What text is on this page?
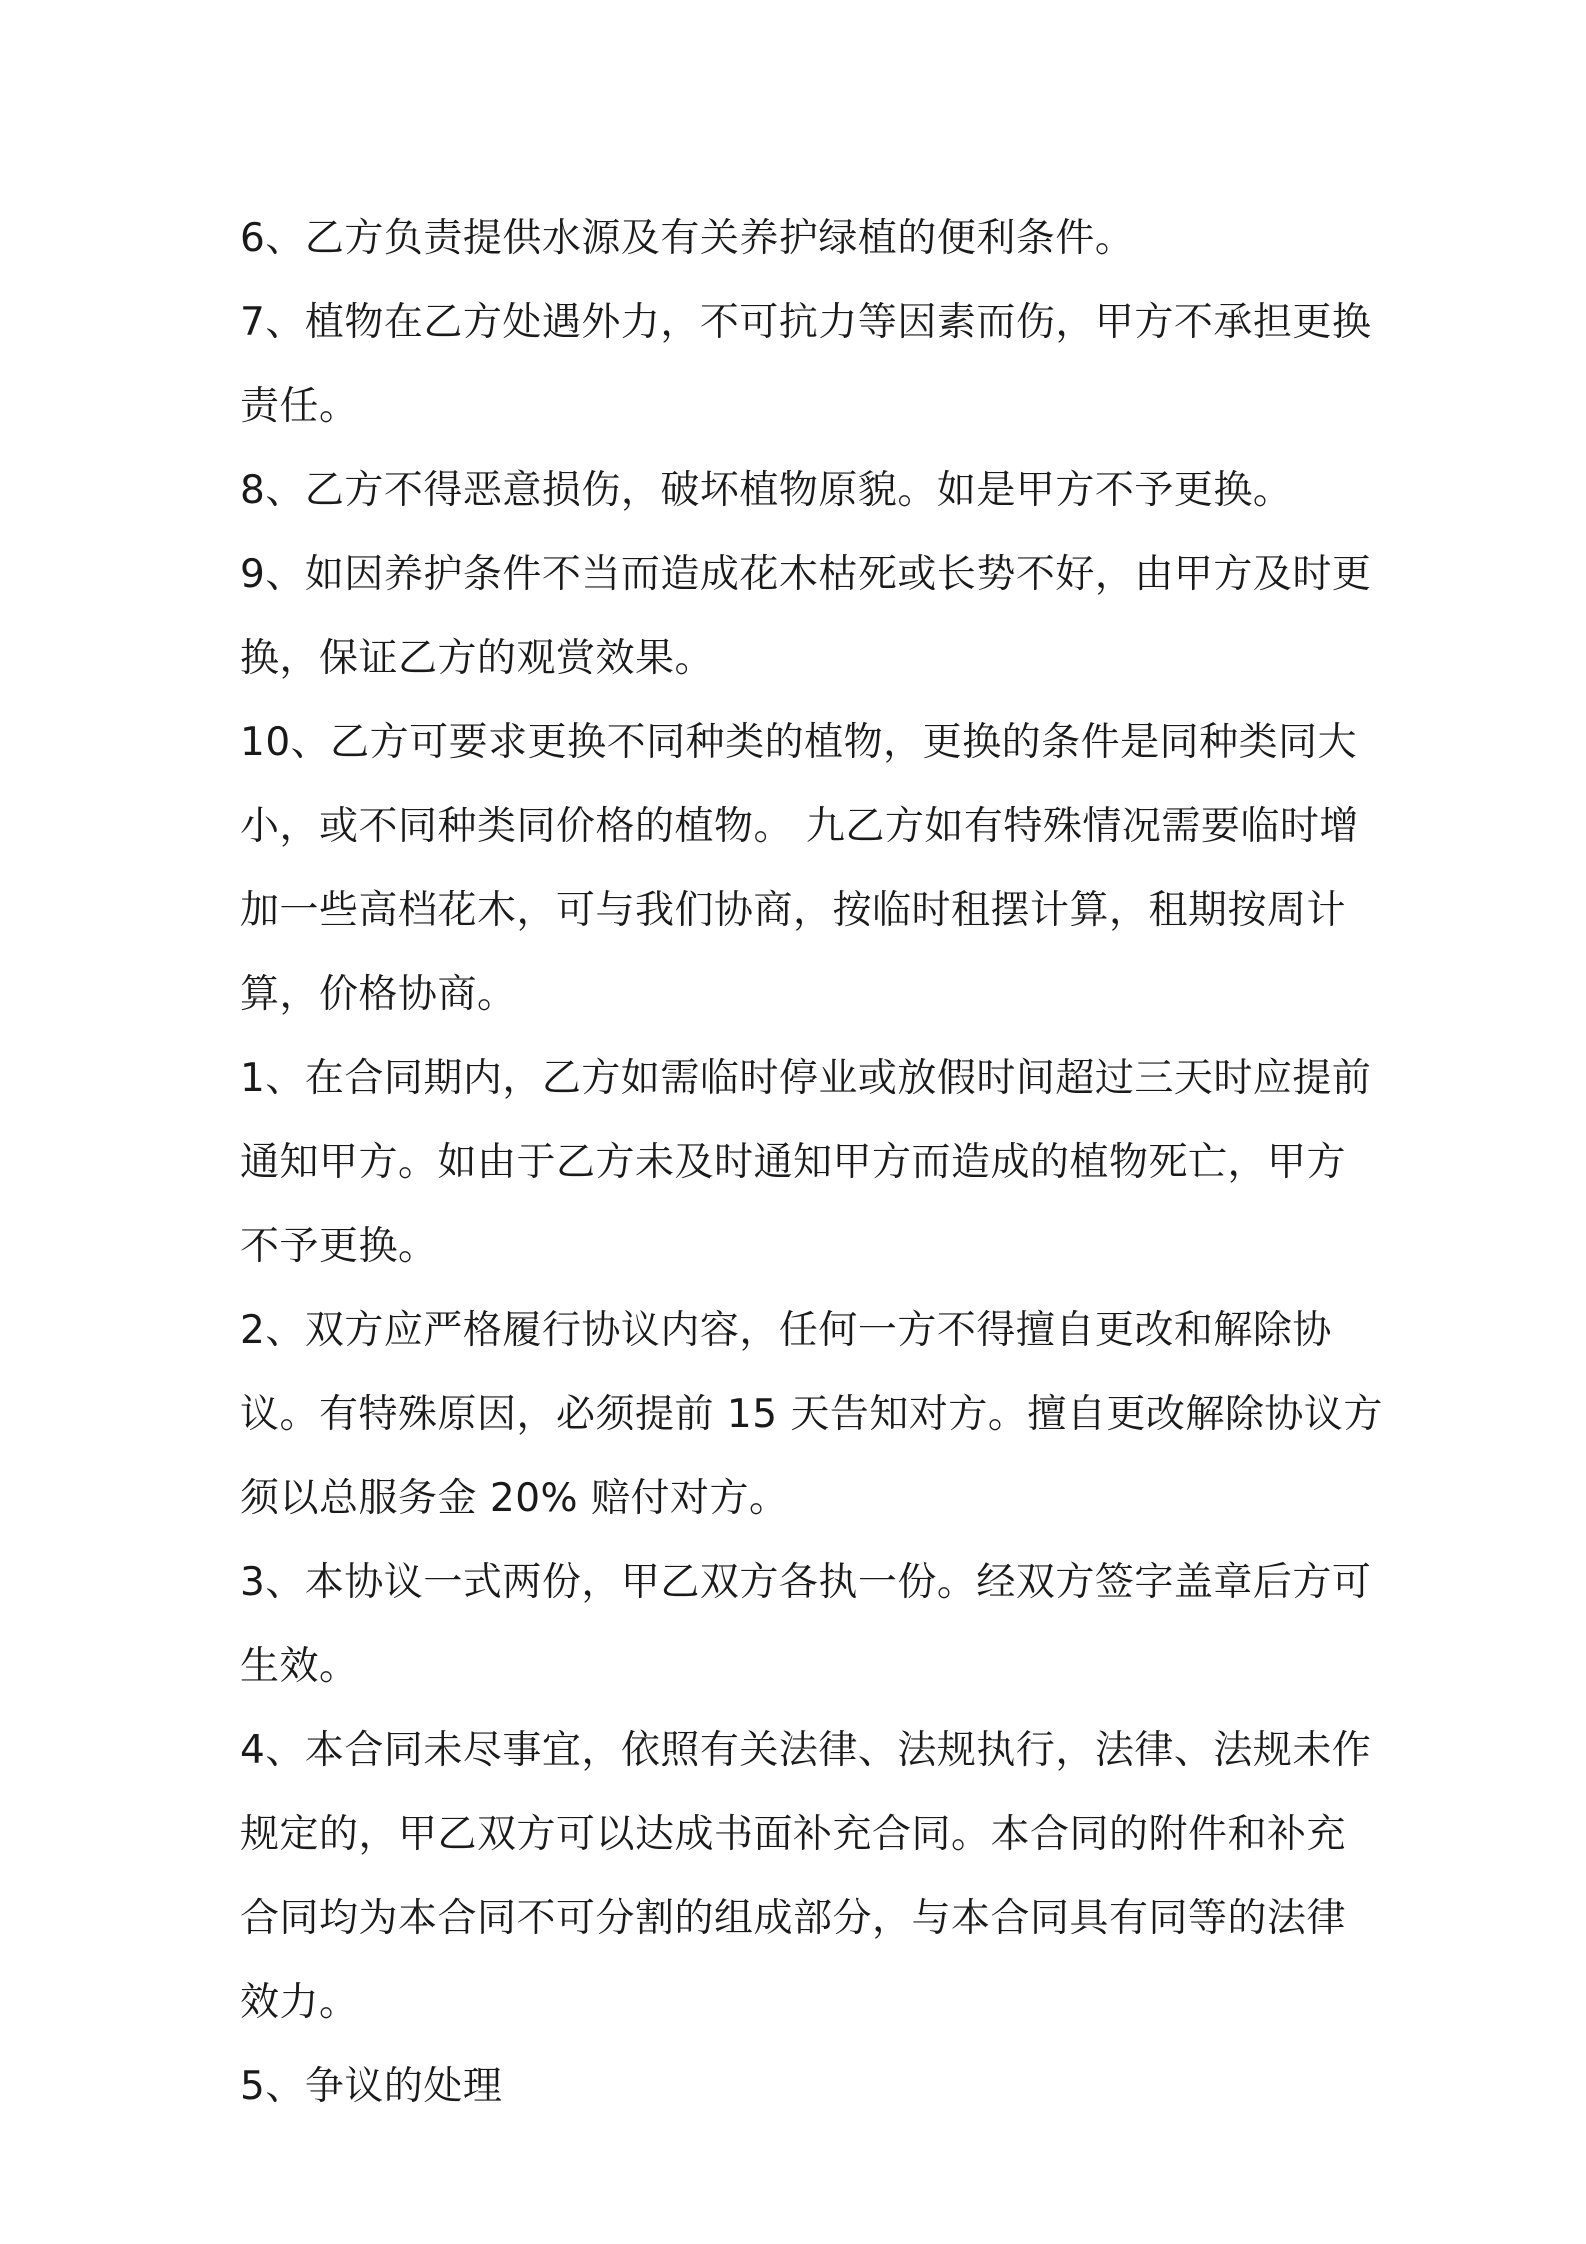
6、乙方负责提供水源及有关养护绿植的便利条件。

7、植物在乙方处遇外力，不可抗力等因素而伤，甲方不承担更换责任。

8、乙方不得恶意损伤，破坏植物原貌。如是甲方不予更换。

9、如因养护条件不当而造成花木枯死或长势不好，由甲方及时更换，保证乙方的观赏效果。

10、乙方可要求更换不同种类的植物，更换的条件是同种类同大小，或不同种类同价格的植物。 九乙方如有特殊情况需要临时增加一些高档花木，可与我们协商，按临时租摆计算，租期按周计算，价格协商。

1、在合同期内，乙方如需临时停业或放假时间超过三天时应提前通知甲方。如由于乙方未及时通知甲方而造成的植物死亡，甲方不予更换。

2、双方应严格履行协议内容，任何一方不得擅自更改和解除协议。有特殊原因，必须提前 15 天告知对方。擅自更改解除协议方须以总服务金 20% 赔付对方。

3、本协议一式两份，甲乙双方各执一份。经双方签字盖章后方可生效。

4、本合同未尽事宜，依照有关法律、法规执行，法律、法规未作规定的，甲乙双方可以达成书面补充合同。本合同的附件和补充合同均为本合同不可分割的组成部分，与本合同具有同等的法律效力。

5、争议的处理
